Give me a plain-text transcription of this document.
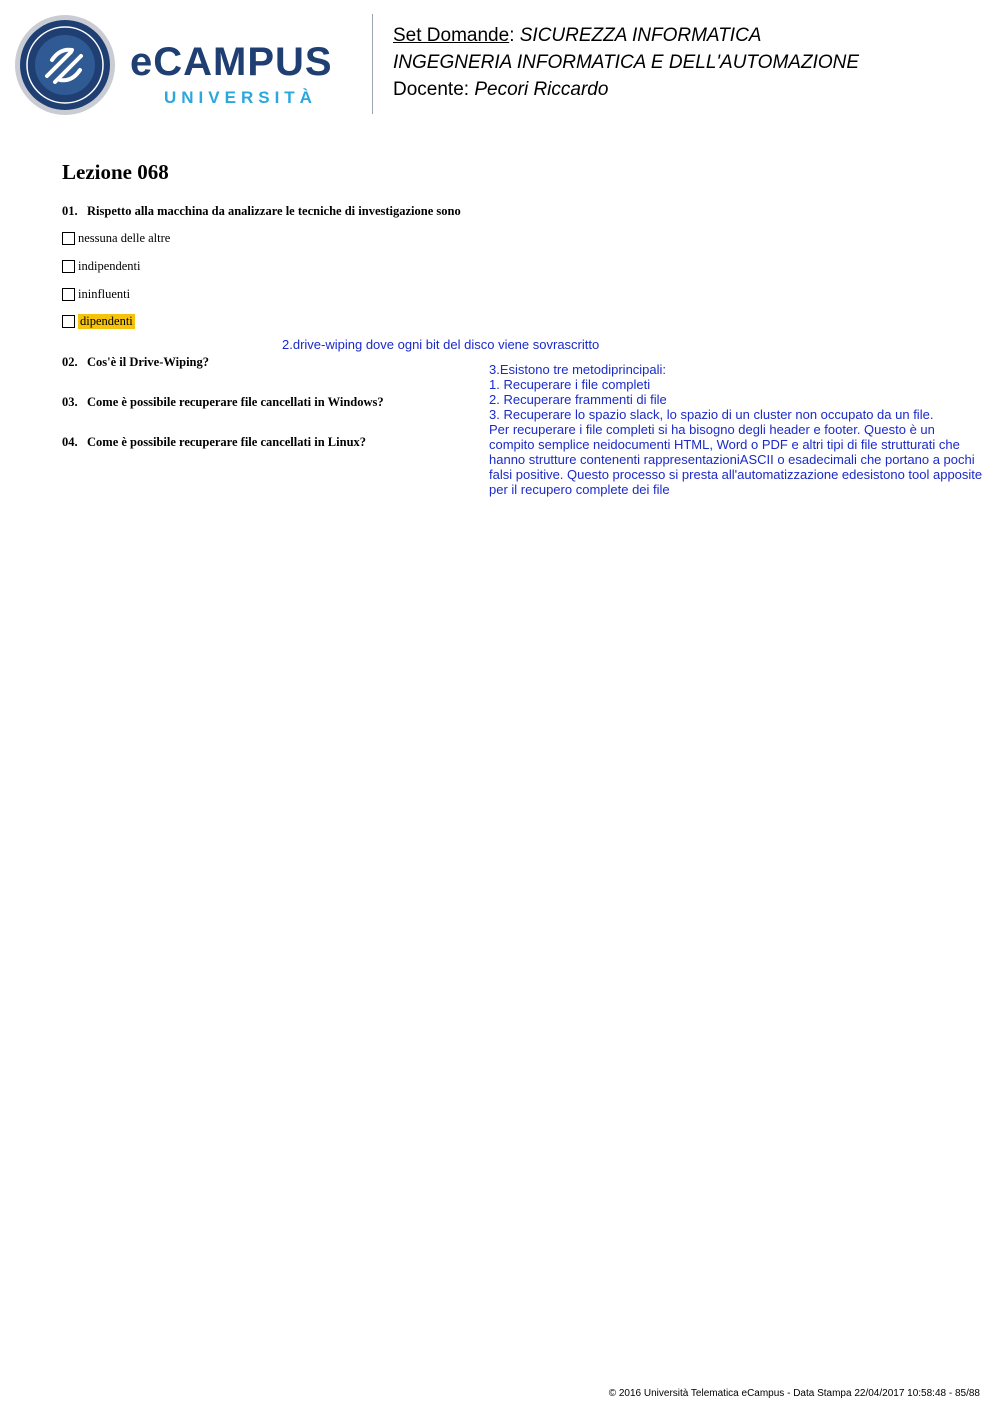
eCAMPUS
UNIVERSITÀ
Set Domande: SICUREZZA INFORMATICA
INGEGNERIA INFORMATICA E DELL'AUTOMAZIONE
Docente: Pecori Riccardo
Lezione 068
01. Rispetto alla macchina da analizzare le tecniche di investigazione sono
nessuna delle altre
indipendenti
ininfluenti
dipendenti
2.drive-wiping dove ogni bit del disco viene sovrascritto
02. Cos'è il Drive-Wiping?
03. Come è possibile recuperare file cancellati in Windows?
04. Come è possibile recuperare file cancellati in Linux?
3.Esistono tre metodiprincipali:
1. Recuperare i file completi
2. Recuperare frammenti di file
3. Recuperare lo spazio slack, lo spazio di un cluster non occupato da un file.
Per recuperare i file completi si ha bisogno degli header e footer. Questo è un
compito semplice neidocumenti HTML, Word o PDF e altri tipi di file strutturati che
hanno strutture contenenti rappresentazioniASCII o esadecimali che portano a pochi
falsi positive. Questo processo si presta all'automatizzazione edesistono tool apposite
per il recupero complete dei file
© 2016 Università Telematica eCampus - Data Stampa 22/04/2017 10:58:48 - 85/88
